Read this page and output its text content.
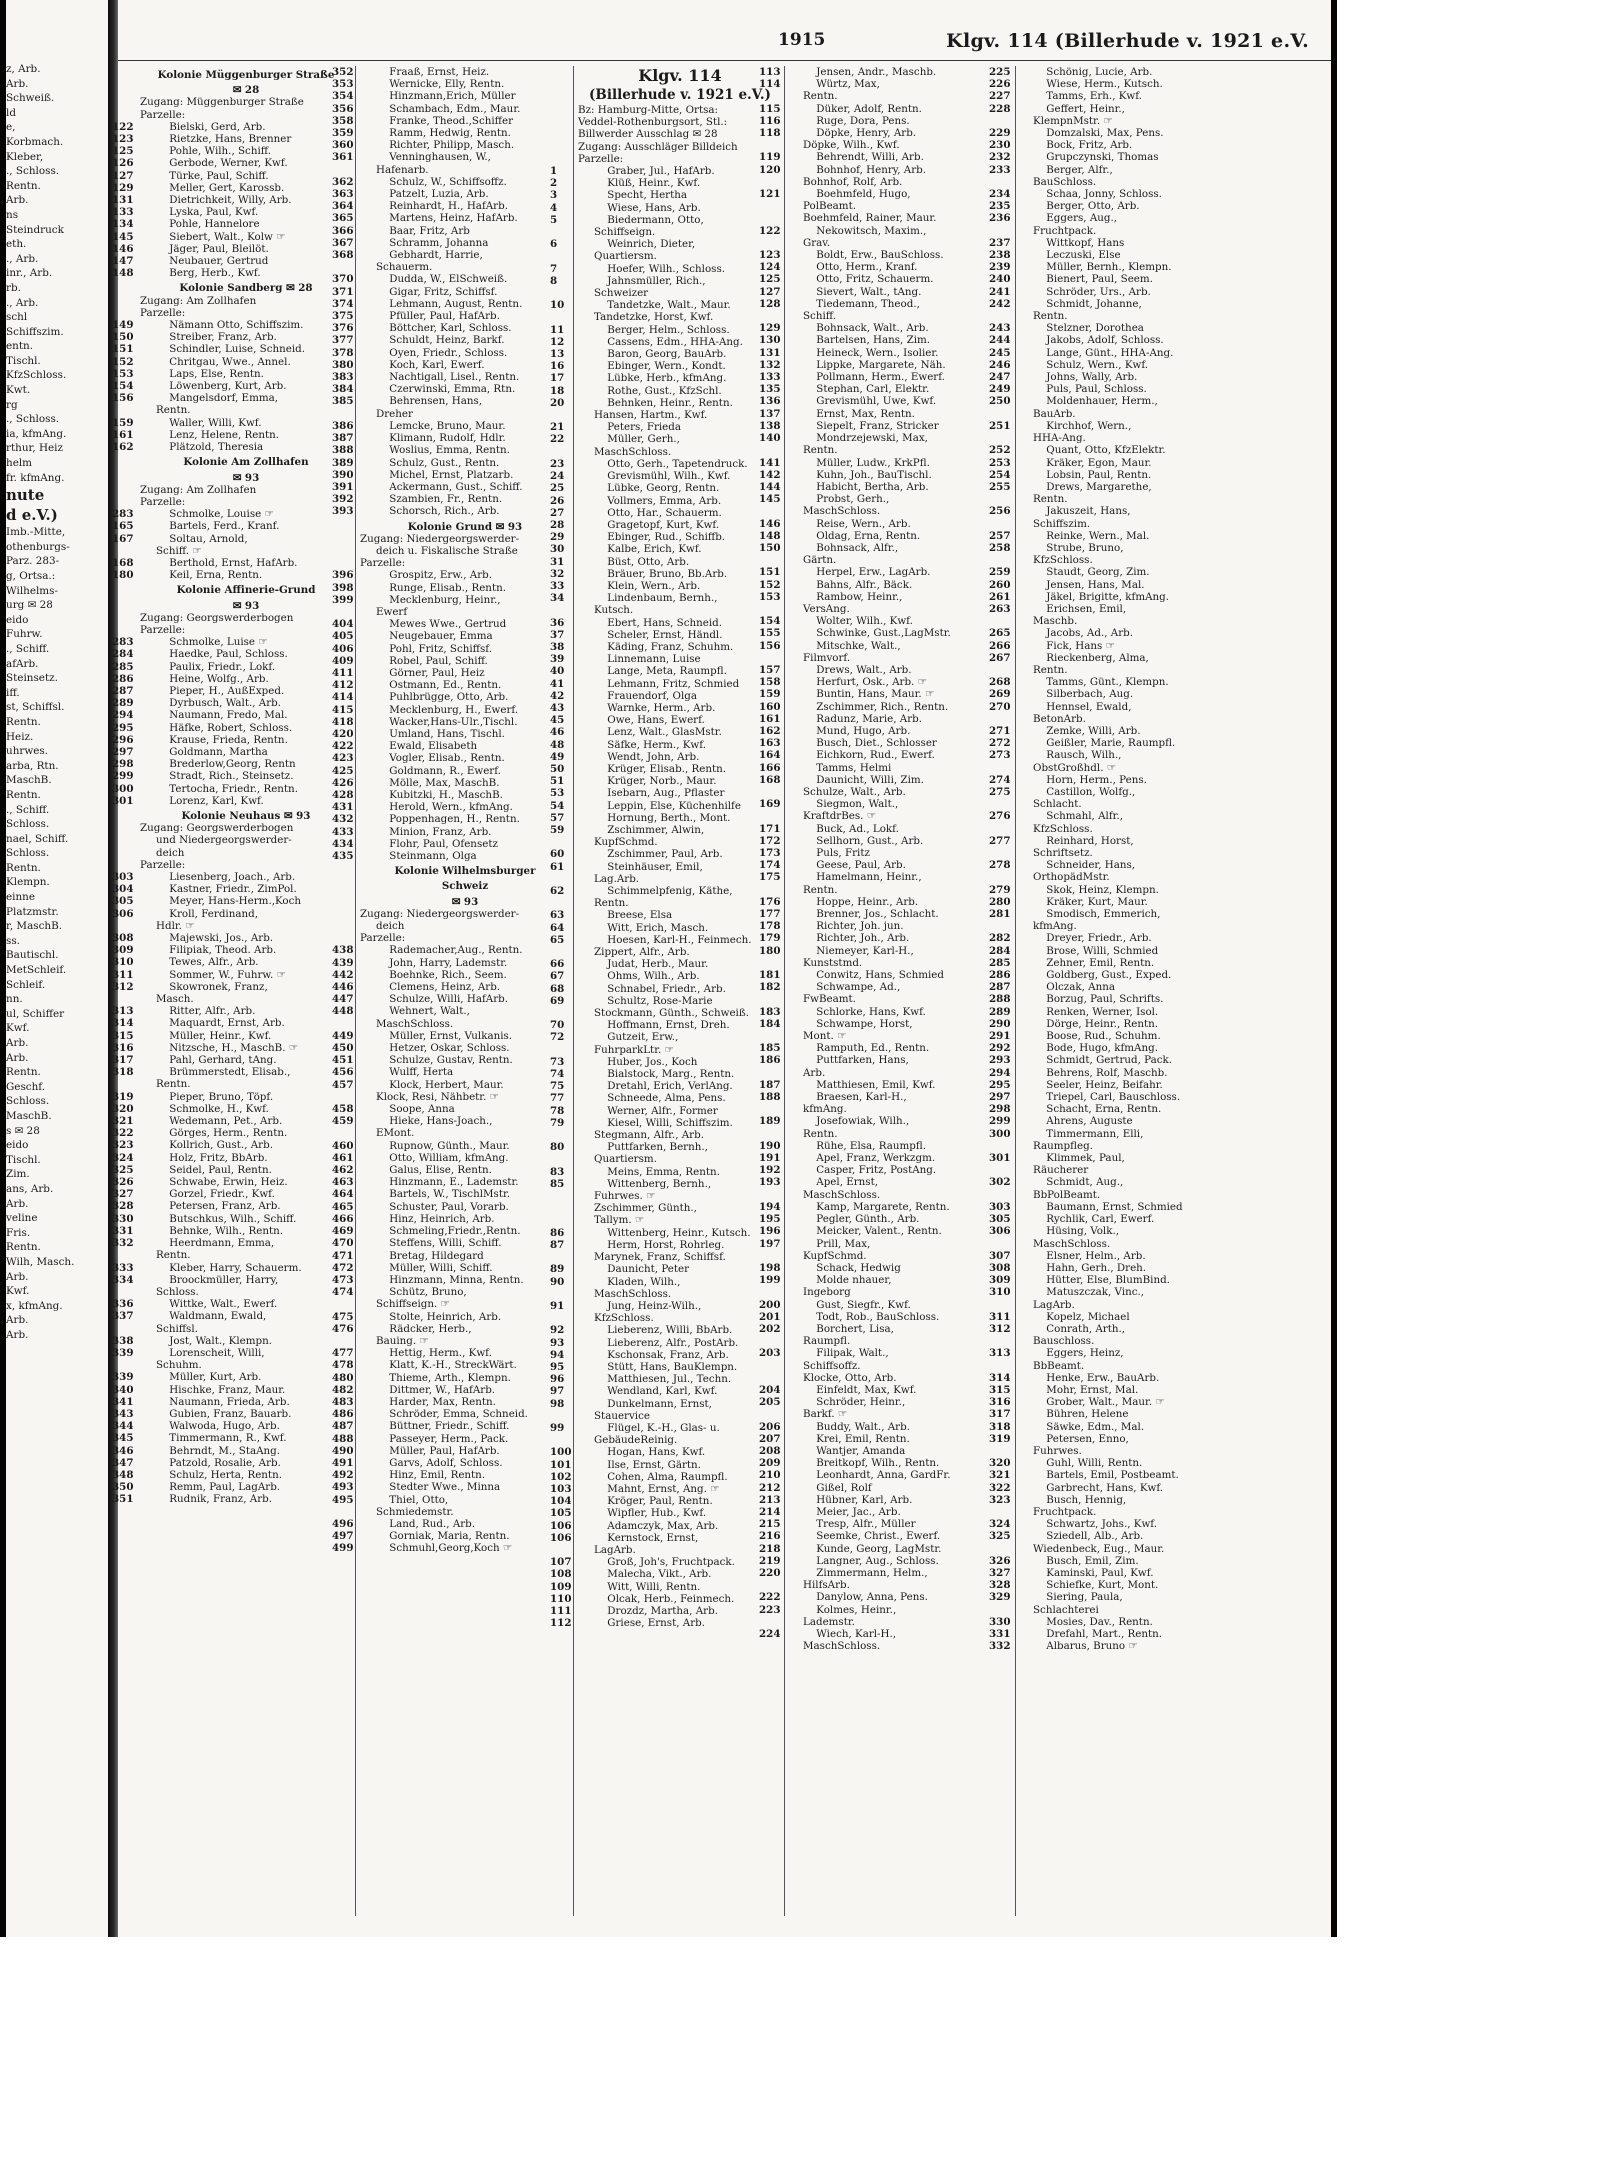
z, Arb.
Arb.
Schweiß.
ld
e,
Korbmach.
Kleber,
., Schloss.
Rentn.
Arb.
ns
Steindruck
eth.
., Arb.
inr., Arb.
rb.
., Arb.
schl
Schiffszim.
entn.
Tischl.
KfzSchloss.
Kwt.
rg
., Schloss.
ia, kfmAng.
rthur, Heiz
helm
fr. kfmAng.
nute
d e.V.)
Imb.-Mitte,
othenburgs-
Parz. 283-
g, Ortsa.:
Wilhelms-
urg ✉ 28
eido
Fuhrw.
., Schiff.
afArb.
Steinsetz.
iff.
st, Schiffsl.
Rentn.
Heiz.
uhrwes.
arba, Rtn.
MaschB.
Rentn.
., Schiff.
Schloss.
nael, Schiff.
Schloss.
Rentn.
Klempn.
einne
Platzmstr.
r, MaschB.
ss.
Bautischl.
MetSchleif.
Schleif.
nn.
ul, Schiffer
Kwf.
Arb.
Arb.
Rentn.
Geschf.
Schloss.
MaschB.
s ✉ 28
eido
Tischl.
Zim.
ans, Arb.
Arb.
veline
Fris.
Rentn.
Wilh, Masch.
Arb.
Kwf.
x, kfmAng.
Arb.
Arb.
1915	Klgv. 114 (Billerhude v. 1921 e.V.
Kolonie Müggenburger Straße
✉ 28
Zugang: Müggenburger Straße
Parzelle:
122	Bielski, Gerd, Arb.
123	Rietzke, Hans, Brenner
125	Pohle, Wilh., Schiff.
126	Gerbode, Werner, Kwf.
127	Türke, Paul, Schiff.
129	Meller, Gert, Karossb.
131	Dietrichkeit, Willy, Arb.
133	Lyska, Paul, Kwf.
134	Pohle, Hannelore
145	Siebert, Walt., Kolw ☞
146	Jäger, Paul, Bleilöt.
147	Neubauer, Gertrud
148	Berg, Herb., Kwf.
Kolonie Sandberg ✉ 28
Zugang: Am Zollhafen
Parzelle:
149	Nämann Otto, Schiffszim.
150	Streiber, Franz, Arb.
151	Schindler, Luise, Schneid.
152	Chritgau, Wwe., Annel.
153	Laps, Else, Rentn.
154	Löwenberg, Kurt, Arb.
156	Mangelsdorf, Emma,
Rentn.
159	Waller, Willi, Kwf.
161	Lenz, Helene, Rentn.
162	Plätzold, Theresia
Kolonie Am Zollhafen
✉ 93
Zugang: Am Zollhafen
Parzelle:
283	Schmolke, Louise ☞
165	Bartels, Ferd., Kranf.
167	Soltau, Arnold,
Schiff. ☞
168	Berthold, Ernst, HafArb.
180	Keil, Erna, Rentn.
Kolonie Affinerie-Grund
✉ 93
Zugang: Georgswerderbogen
Parzelle:
283	Schmolke, Luise ☞
284	Haedke, Paul, Schloss.
285	Paulix, Friedr., Lokf.
286	Heine, Wolfg., Arb.
287	Pieper, H., AußExped.
289	Dyrbusch, Walt., Arb.
294	Naumann, Fredo, Mal.
295	Häfke, Robert, Schloss.
296	Krause, Frieda, Rentn.
297	Goldmann, Martha
298	Brederlow,Georg, Rentn
299	Stradt, Rich., Steinsetz.
300	Tertocha, Friedr., Rentn.
301	Lorenz, Karl, Kwf.
Kolonie Neuhaus ✉ 93
Zugang: Georgswerderbogen
und Niedergeorgswerder-
deich
Parzelle:
303	Liesenberg, Joach., Arb.
304	Kastner, Friedr., ZimPol.
305	Meyer, Hans-Herm.,Koch
306	Kroll, Ferdinand,
Hdlr. ☞
308	Majewski, Jos., Arb.
309	Filipiak, Theod. Arb.
310	Tewes, Alfr., Arb.
311	Sommer, W., Fuhrw. ☞
312	Skowronek, Franz,
Masch.
313	Ritter, Alfr., Arb.
314	Maquardt, Ernst, Arb.
315	Müller, Heinr., Kwf.
316	Nitzsche, H., MaschB. ☞
317	Pahl, Gerhard, tAng.
318	Brümmerstedt, Elisab.,
Rentn.
319	Pieper, Bruno, Töpf.
320	Schmolke, H., Kwf.
321	Wedemann, Pet., Arb.
322	Görges, Herm., Rentn.
323	Kollrich, Gust., Arb.
324	Holz, Fritz, BbArb.
325	Seidel, Paul, Rentn.
326	Schwabe, Erwin, Heiz.
327	Gorzel, Friedr., Kwf.
328	Petersen, Franz, Arb.
330	Butschkus, Wilh., Schiff.
331	Behnke, Wilh., Rentn.
332	Heerdmann, Emma,
Rentn.
333	Kleber, Harry, Schauerm.
334	Broockmüller, Harry,
Schloss.
336	Wittke, Walt., Ewerf.
337	Waldmann, Ewald,
Schiffsl.
338	Jost, Walt., Klempn.
339	Lorenscheit, Willi,
Schuhm.
339	Müller, Kurt, Arb.
340	Hischke, Franz, Maur.
341	Naumann, Frieda, Arb.
343	Gubien, Franz, Bauarb.
344	Walwoda, Hugo, Arb.
345	Timmermann, R., Kwf.
346	Behrndt, M., StaAng.
347	Patzold, Rosalie, Arb.
348	Schulz, Herta, Rentn.
350	Remm, Paul, LagArb.
351	Rudnik, Franz, Arb.
352	Fraaß, Ernst, Heiz.
353	Wernicke, Elly, Rentn.
354	Hinzmann,Erich, Müller
356	Schambach, Edm., Maur.
358	Franke, Theod.,Schiffer
359	Ramm, Hedwig, Rentn.
360	Richter, Philipp, Masch.
361	Venninghausen, W.,
Hafenarb.
362	Schulz, W., Schiffsoffz.
363	Patzelt, Luzia, Arb.
364	Reinhardt, H., HafArb.
365	Martens, Heinz, HafArb.
366	Baar, Fritz, Arb
367	Schramm, Johanna
368	Gebhardt, Harrie,
Schauerm.
370	Dudda, W., ElSchweiß.
371	Gigar, Fritz, Schiffsf.
374	Lehmann, August, Rentn.
375	Pfüller, Paul, HafArb.
376	Böttcher, Karl, Schloss.
377	Schuldt, Heinz, Barkf.
378	Oyen, Friedr., Schloss.
380	Koch, Karl, Ewerf.
383	Nachtigall, Lisel., Rentn.
384	Czerwinski, Emma, Rtn.
385	Behrensen, Hans,
Dreher
386	Lemcke, Bruno, Maur.
387	Klimann, Rudolf, Hdlr.
388	Woslius, Emma, Rentn.
389	Schulz, Gust., Rentn.
390	Michel, Ernst, Platzarb.
391	Ackermann, Gust., Schiff.
392	Szambien, Fr., Rentn.
393	Schorsch, Rich., Arb.
Kolonie Grund ✉ 93
Zugang: Niedergeorgswerder-
deich u. Fiskalische Straße
Parzelle:
396	Grospitz, Erw., Arb.
398	Runge, Elisab., Rentn.
399	Mecklenburg, Heinr.,
Ewerf
404	Mewes Wwe., Gertrud
405	Neugebauer, Emma
406	Pohl, Fritz, Schiffsf.
409	Robel, Paul, Schiff.
411	Görner, Paul, Heiz
412	Ostmann, Ed., Rentn.
414	Puhlbrügge, Otto, Arb.
415	Mecklenburg, H., Ewerf.
418	Wacker,Hans-Ulr.,Tischl.
420	Umland, Hans, Tischl.
422	Ewald, Elisabeth
423	Vogler, Elisab., Rentn.
425	Goldmann, R., Ewerf.
426	Mölle, Max, MaschB.
428	Kubitzki, H., MaschB.
431	Herold, Wern., kfmAng.
432	Poppenhagen, H., Rentn.
433	Minion, Franz, Arb.
434	Flohr, Paul, Ofensetz
435	Steinmann, Olga
Kolonie Wilhelmsburger
Schweiz
✉ 93
Zugang: Niedergeorgswerder-
deich
Parzelle:
438	Rademacher,Aug., Rentn.
439	John, Harry, Lademstr.
442	Boehnke, Rich., Seem.
446	Clemens, Heinz, Arb.
447	Schulze, Willi, HafArb.
448	Wehnert, Walt.,
MaschSchloss.
449	Müller, Ernst, Vulkanis.
450	Hetzer, Oskar, Schloss.
451	Schulze, Gustav, Rentn.
456	Wulff, Herta
457	Klock, Herbert, Maur.
Klock, Resi, Nähbetr. ☞
458	Soope, Anna
459	Hieke, Hans-Joach.,
EMont.
460	Rupnow, Günth., Maur.
461	Otto, William, kfmAng.
462	Galus, Elise, Rentn.
463	Hinzmann, E., Lademstr.
464	Bartels, W., TischlMstr.
465	Schuster, Paul, Vorarb.
466	Hinz, Heinrich, Arb.
469	Schmeling,Friedr.,Rentn.
470	Steffens, Willi, Schiff.
471	Bretag, Hildegard
472	Müller, Willi, Schiff.
473	Hinzmann, Minna, Rentn.
474	Schütz, Bruno,
Schiffseign. ☞
475	Stolte, Heinrich, Arb.
476	Rädcker, Herb.,
Bauing. ☞
477	Hettig, Herm., Kwf.
478	Klatt, K.-H., StreckWärt.
480	Thieme, Arth., Klempn.
482	Dittmer, W., HafArb.
483	Harder, Max, Rentn.
486	Schröder, Emma, Schneid.
487	Büttner, Friedr., Schiff.
488	Passeyer, Herm., Pack.
490	Müller, Paul, HafArb.
491	Garvs, Adolf, Schloss.
492	Hinz, Emil, Rentn.
493	Stedter Wwe., Minna
495	Thiel, Otto,
Schmiedemstr.
496	Land, Rud., Arb.
497	Gorniak, Maria, Rentn.
499	Schmuhl,Georg,Koch ☞
Klgv. 114
(Billerhude v. 1921 e.V.)
Bz: Hamburg-Mitte, Ortsa:
Veddel-Rothenburgsort, Stl.:
Billwerder Ausschlag ✉ 28
Zugang: Ausschläger Billdeich
Parzelle:
1	Graber, Jul., HafArb.
2	Klüß, Heinr., Kwf.
3	Specht, Hertha
4	Wiese, Hans, Arb.
5	Biedermann, Otto,
Schiffseign.
6	Weinrich, Dieter,
Quartiersm.
7	Hoefer, Wilh., Schloss.
8	Jahnsmüller, Rich.,
Schweizer
10	Tandetzke, Walt., Maur.
Tandetzke, Horst, Kwf.
11	Berger, Helm., Schloss.
12	Cassens, Edm., HHA-Ang.
13	Baron, Georg, BauArb.
16	Ebinger, Wern., Kondt.
17	Lübke, Herb., kfmAng.
18	Rothe, Gust., KfzSchl.
20	Behnken, Heinr., Rentn.
Hansen, Hartm., Kwf.
21	Peters, Frieda
22	Müller, Gerh.,
MaschSchloss.
23	Otto, Gerh., Tapetendruck.
24	Grevismühl, Wilh., Kwf.
25	Lübke, Georg, Rentn.
26	Vollmers, Emma, Arb.
27	Otto, Har., Schauerm.
28	Gragetopf, Kurt, Kwf.
29	Ebinger, Rud., Schiffb.
30	Kalbe, Erich, Kwf.
31	Büst, Otto, Arb.
32	Bräuer, Bruno, Bb.Arb.
33	Klein, Wern., Arb.
34	Lindenbaum, Bernh.,
Kutsch.
36	Ebert, Hans, Schneid.
37	Scheler, Ernst, Händl.
38	Käding, Franz, Schuhm.
39	Linnemann, Luise
40	Lange, Meta, Raumpfl.
41	Lehmann, Fritz, Schmied
42	Frauendorf, Olga
43	Warnke, Herm., Arb.
45	Owe, Hans, Ewerf.
46	Lenz, Walt., GlasMstr.
48	Säfke, Herm., Kwf.
49	Wendt, John, Arb.
50	Krüger, Elisab., Rentn.
51	Krüger, Norb., Maur.
53	Isebarn, Aug., Pflaster
54	Leppin, Else, Küchenhilfe
57	Hornung, Berth., Mont.
59	Zschimmer, Alwin,
KupfSchmd.
60	Zschimmer, Paul, Arb.
61	Steinhäuser, Emil,
Lag.Arb.
62	Schimmelpfenig, Käthe,
Rentn.
63	Breese, Elsa
64	Witt, Erich, Masch.
65	Hoesen, Karl-H., Feinmech.
Zippert, Alfr., Arb.
66	Judat, Herb., Maur.
67	Ohms, Wilh., Arb.
68	Schnabel, Friedr., Arb.
69	Schultz, Rose-Marie
Stockmann, Günth., Schweiß.
70	Hoffmann, Ernst, Dreh.
72	Gutzeit, Erw.,
FuhrparkLtr. ☞
73	Huber, Jos., Koch
74	Bialstock, Marg., Rentn.
75	Dretahl, Erich, VerlAng.
77	Schneede, Alma, Pens.
78	Werner, Alfr., Former
79	Kiesel, Willi, Schiffszim.
Stegmann, Alfr., Arb.
80	Puttfarken, Bernh.,
Quartiersm.
83	Meins, Emma, Rentn.
85	Wittenberg, Bernh.,
Fuhrwes. ☞
Zschimmer, Günth.,
Tallym. ☞
86	Wittenberg, Heinr., Kutsch.
87	Herm, Horst, Rohrleg.
Marynek, Franz, Schiffsf.
89	Daunicht, Peter
90	Kladen, Wilh.,
MaschSchloss.
91	Jung, Heinz-Wilh.,
KfzSchloss.
92	Lieberenz, Willi, BbArb.
93	Lieberenz, Alfr., PostArb.
94	Kschonsak, Franz, Arb.
95	Stütt, Hans, BauKlempn.
96	Matthiesen, Jul., Techn.
97	Wendland, Karl, Kwf.
98	Dunkelmann, Ernst,
Stauervice
99	Flügel, K.-H., Glas- u.
GebäudeReinig.
100	Hogan, Hans, Kwf.
101	Ilse, Ernst, Gärtn.
102	Cohen, Alma, Raumpfl.
103	Mahnt, Ernst, Ang. ☞
104	Kröger, Paul, Rentn.
105	Wipfler, Hub., Kwf.
106	Adamczyk, Max, Arb.
106	Kernstock, Ernst,
LagArb.
107	Groß, Joh's, Fruchtpack.
108	Malecha, Vikt., Arb.
109	Witt, Willi, Rentn.
110	Olcak, Herb., Feinmech.
111	Drozdz, Martha, Arb.
112	Griese, Ernst, Arb.
113	Jensen, Andr., Maschb.
114	Würtz, Max,
Rentn.
115	Düker, Adolf, Rentn.
116	Ruge, Dora, Pens.
118	Döpke, Henry, Arb.
Döpke, Wilh., Kwf.
119	Behrendt, Willi, Arb.
120	Bohnhof, Henry, Arb.
Bohnhof, Rolf, Arb.
121	Boehmfeld, Hugo,
PolBeamt.
Boehmfeld, Rainer, Maur.
122	Nekowitsch, Maxim.,
Grav.
123	Boldt, Erw., BauSchloss.
124	Otto, Herm., Kranf.
125	Otto, Fritz, Schauerm.
127	Sievert, Walt., tAng.
128	Tiedemann, Theod.,
Schiff.
129	Bohnsack, Walt., Arb.
130	Bartelsen, Hans, Zim.
131	Heineck, Wern., Isolier.
132	Lippke, Margarete, Näh.
133	Pollmann, Herm., Ewerf.
135	Stephan, Carl, Elektr.
136	Grevismühl, Uwe, Kwf.
137	Ernst, Max, Rentn.
138	Siepelt, Franz, Stricker
140	Mondrzejewski, Max,
Rentn.
141	Müller, Ludw., KrkPfl.
142	Kuhn, Joh., BauTischl.
144	Habicht, Bertha, Arb.
145	Probst, Gerh.,
MaschSchloss.
146	Reise, Wern., Arb.
148	Oldag, Erna, Rentn.
150	Bohnsack, Alfr.,
Gärtn.
151	Herpel, Erw., LagArb.
152	Bahns, Alfr., Bäck.
153	Rambow, Heinr.,
VersAng.
154	Wolter, Wilh., Kwf.
155	Schwinke, Gust.,LagMstr.
156	Mitschke, Walt.,
Filmvorf.
157	Drews, Walt., Arb.
158	Herfurt, Osk., Arb. ☞
159	Buntin, Hans, Maur. ☞
160	Zschimmer, Rich., Rentn.
161	Radunz, Marie, Arb.
162	Mund, Hugo, Arb.
163	Busch, Diet., Schlosser
164	Eichkorn, Rud., Ewerf.
166	Tamms, Helmi
168	Daunicht, Willi, Zim.
Schulze, Walt., Arb.
169	Siegmon, Walt.,
KraftdrBes. ☞
171	Buck, Ad., Lokf.
172	Sellhorn, Gust., Arb.
173	Puls, Fritz
174	Geese, Paul, Arb.
175	Hamelmann, Heinr.,
Rentn.
176	Hoppe, Heinr., Arb.
177	Brenner, Jos., Schlacht.
178	Richter, Joh. jun.
179	Richter, Joh., Arb.
180	Niemeyer, Karl-H.,
Kunststmd.
181	Conwitz, Hans, Schmied
182	Schwampe, Ad.,
FwBeamt.
183	Schlorke, Hans, Kwf.
184	Schwampe, Horst,
Mont. ☞
185	Ramputh, Ed., Rentn.
186	Puttfarken, Hans,
Arb.
187	Matthiesen, Emil, Kwf.
188	Braesen, Karl-H.,
kfmAng.
189	Josefowiak, Wilh.,
Rentn.
190	Rühe, Elsa, Raumpfl.
191	Apel, Franz, Werkzgm.
192	Casper, Fritz, PostAng.
193	Apel, Ernst,
MaschSchloss.
194	Kamp, Margarete, Rentn.
195	Pegler, Günth., Arb.
196	Meicker, Valent., Rentn.
197	Prill, Max,
KupfSchmd.
198	Schack, Hedwig
199	Molde nhauer,
Ingeborg
200	Gust, Siegfr., Kwf.
201	Todt, Rob., BauSchloss.
202	Borchert, Lisa,
Raumpfl.
203	Filipak, Walt.,
Schiffsoffz.
Klocke, Otto, Arb.
204	Einfeldt, Max, Kwf.
205	Schröder, Heinr.,
Barkf. ☞
206	Buddy, Walt., Arb.
207	Krei, Emil, Rentn.
208	Wantjer, Amanda
209	Breitkopf, Wilh., Rentn.
210	Leonhardt, Anna, GardFr.
212	Gißel, Rolf
213	Hübner, Karl, Arb.
214	Meier, Jac., Arb.
215	Tresp, Alfr., Müller
216	Seemke, Christ., Ewerf.
218	Kunde, Georg, LagMstr.
219	Langner, Aug., Schloss.
220	Zimmermann, Helm.,
HilfsArb.
222	Danylow, Anna, Pens.
223	Kolmes, Heinr.,
Lademstr.
224	Wiech, Karl-H.,
MaschSchloss.
225	Schönig, Lucie, Arb.
226	Wiese, Herm., Kutsch.
227	Tamms, Erh., Kwf.
228	Geffert, Heinr.,
KlempnMstr. ☞
229	Domzalski, Max, Pens.
230	Bock, Fritz, Arb.
232	Grupczynski, Thomas
233	Berger, Alfr.,
BauSchloss.
234	Schaa, Jonny, Schloss.
235	Berger, Otto, Arb.
236	Eggers, Aug.,
Fruchtpack.
237	Wittkopf, Hans
238	Leczuski, Else
239	Müller, Bernh., Klempn.
240	Bienert, Paul, Seem.
241	Schröder, Urs., Arb.
242	Schmidt, Johanne,
Rentn.
243	Stelzner, Dorothea
244	Jakobs, Adolf, Schloss.
245	Lange, Günt., HHA-Ang.
246	Schulz, Wern., Kwf.
247	Johns, Wally, Arb.
249	Puls, Paul, Schloss.
250	Moldenhauer, Herm.,
BauArb.
251	Kirchhof, Wern.,
HHA-Ang.
252	Quant, Otto, KfzElektr.
253	Kräker, Egon, Maur.
254	Lobsin, Paul, Rentn.
255	Drews, Margarethe,
Rentn.
256	Jakuszeit, Hans,
Schiffszim.
257	Reinke, Wern., Mal.
258	Strube, Bruno,
KfzSchloss.
259	Staudt, Georg, Zim.
260	Jensen, Hans, Mal.
261	Jäkel, Brigitte, kfmAng.
263	Erichsen, Emil,
Maschb.
265	Jacobs, Ad., Arb.
266	Fick, Hans ☞
267	Rieckenberg, Alma,
Rentn.
268	Tamms, Günt., Klempn.
269	Silberbach, Aug.
270	Hennsel, Ewald,
BetonArb.
271	Zemke, Willi, Arb.
272	Geißler, Marie, Raumpfl.
273	Rausch, Wilh.,
ObstGroßhdl. ☞
274	Horn, Herm., Pens.
275	Castillon, Wolfg.,
Schlacht.
276	Schmahl, Alfr.,
KfzSchloss.
277	Reinhard, Horst,
Schriftsetz.
278	Schneider, Hans,
OrthopädMstr.
279	Skok, Heinz, Klempn.
280	Kräker, Kurt, Maur.
281	Smodisch, Emmerich,
kfmAng.
282	Dreyer, Friedr., Arb.
284	Brose, Willi, Schmied
285	Zehner, Emil, Rentn.
286	Goldberg, Gust., Exped.
287	Olczak, Anna
288	Borzug, Paul, Schrifts.
289	Renken, Werner, Isol.
290	Dörge, Heinr., Rentn.
291	Boose, Rud., Schuhm.
292	Bode, Hugo, kfmAng.
293	Schmidt, Gertrud, Pack.
294	Behrens, Rolf, Maschb.
295	Seeler, Heinz, Beifahr.
297	Triepel, Carl, Bauschloss.
298	Schacht, Erna, Rentn.
299	Ahrens, Auguste
300	Timmermann, Elli,
Raumpfleg.
301	Klimmek, Paul,
Räucherer
302	Schmidt, Aug.,
BbPolBeamt.
303	Baumann, Ernst, Schmied
305	Rychlik, Carl, Ewerf.
306	Hüsing, Volk.,
MaschSchloss.
307	Elsner, Helm., Arb.
308	Hahn, Gerh., Dreh.
309	Hütter, Else, BlumBind.
310	Matuszczak, Vinc.,
LagArb.
311	Kopelz, Michael
312	Conrath, Arth.,
Bauschloss.
313	Eggers, Heinz,
BbBeamt.
314	Henke, Erw., BauArb.
315	Mohr, Ernst, Mal.
316	Grober, Walt., Maur. ☞
317	Bühren, Helene
318	Säwke, Edm., Mal.
319	Petersen, Enno,
Fuhrwes.
320	Guhl, Willi, Rentn.
321	Bartels, Emil, Postbeamt.
322	Garbrecht, Hans, Kwf.
323	Busch, Hennig,
Fruchtpack.
324	Schwartz, Johs., Kwf.
325	Sziedell, Alb., Arb.
Wiedenbeck, Eug., Maur.
326	Busch, Emil, Zim.
327	Kaminski, Paul, Kwf.
328	Schiefke, Kurt, Mont.
329	Siering, Paula,
Schlachterei
330	Mosies, Dav., Rentn.
331	Drefahl, Mart., Rentn.
332	Albarus, Bruno ☞
